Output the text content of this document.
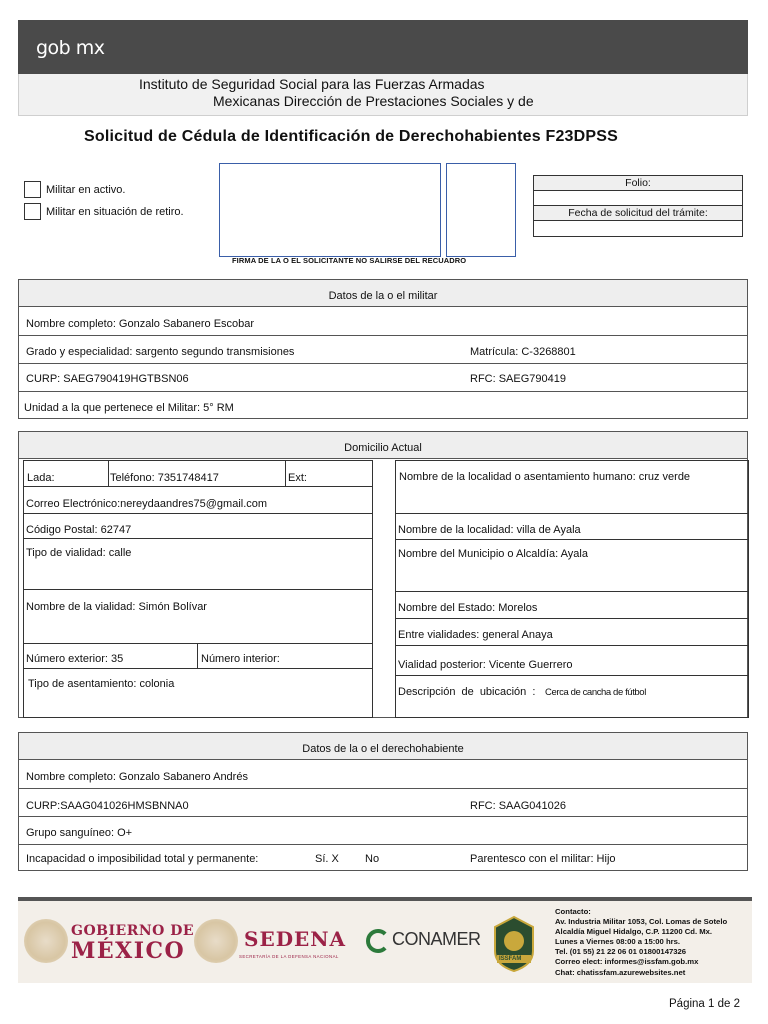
gob mx
Instituto de Seguridad Social para las Fuerzas Armadas
Mexicanas Dirección de Prestaciones Sociales y de
Solicitud de Cédula de Identificación de Derechohabientes F23DPSS
Militar en activo.
Militar en situación de retiro.
FIRMA DE LA O EL SOLICITANTE NO SALIRSE DEL RECUADRO
Folio:
Fecha de solicitud del trámite:
Datos de la o el militar
Nombre completo: Gonzalo Sabanero Escobar
Grado y especialidad: sargento segundo transmisiones	Matrícula: C-3268801
CURP: SAEG790419HGTBSN06	RFC: SAEG790419
Unidad a la que pertenece el Militar: 5° RM
Domicilio Actual
Lada:	Teléfono: 7351748417	Ext:
Correo Electrónico:nereydaandres75@gmail.com
Código Postal: 62747
Tipo de vialidad: calle
Nombre de la vialidad: Simón Bolívar
Número exterior: 35	Número interior:
Tipo de asentamiento: colonia
Nombre de la localidad o asentamiento humano: cruz verde
Nombre de la localidad: villa de Ayala
Nombre del Municipio o Alcaldía: Ayala
Nombre del Estado: Morelos
Entre vialidades: general Anaya
Vialidad posterior: Vicente Guerrero
Descripción de ubicación : Cerca de cancha de fútbol
Datos de la o el derechohabiente
Nombre completo: Gonzalo Sabanero Andrés
CURP:SAAG041026HMSBNNA0	RFC: SAAG041026
Grupo sanguíneo: O+
Incapacidad o imposibilidad total y permanente:	Sí. X No	Parentesco con el militar: Hijo
GOBIERNO DE
MÉXICO	SEDENA
SECRETARÍA DE LA DEFENSA NACIONAL
CONAMER
ISSFAM
Contacto:
Av. Industria Militar 1053, Col. Lomas de Sotelo
Alcaldía Miguel Hidalgo, C.P. 11200 Cd. Mx.
Lunes a Viernes 08:00 a 15:00 hrs.
Tel. (01 55) 21 22 06 01 01800147326
Correo elect: informes@issfam.gob.mx
Chat: chatissfam.azurewebsites.net
Página 1 de 2
